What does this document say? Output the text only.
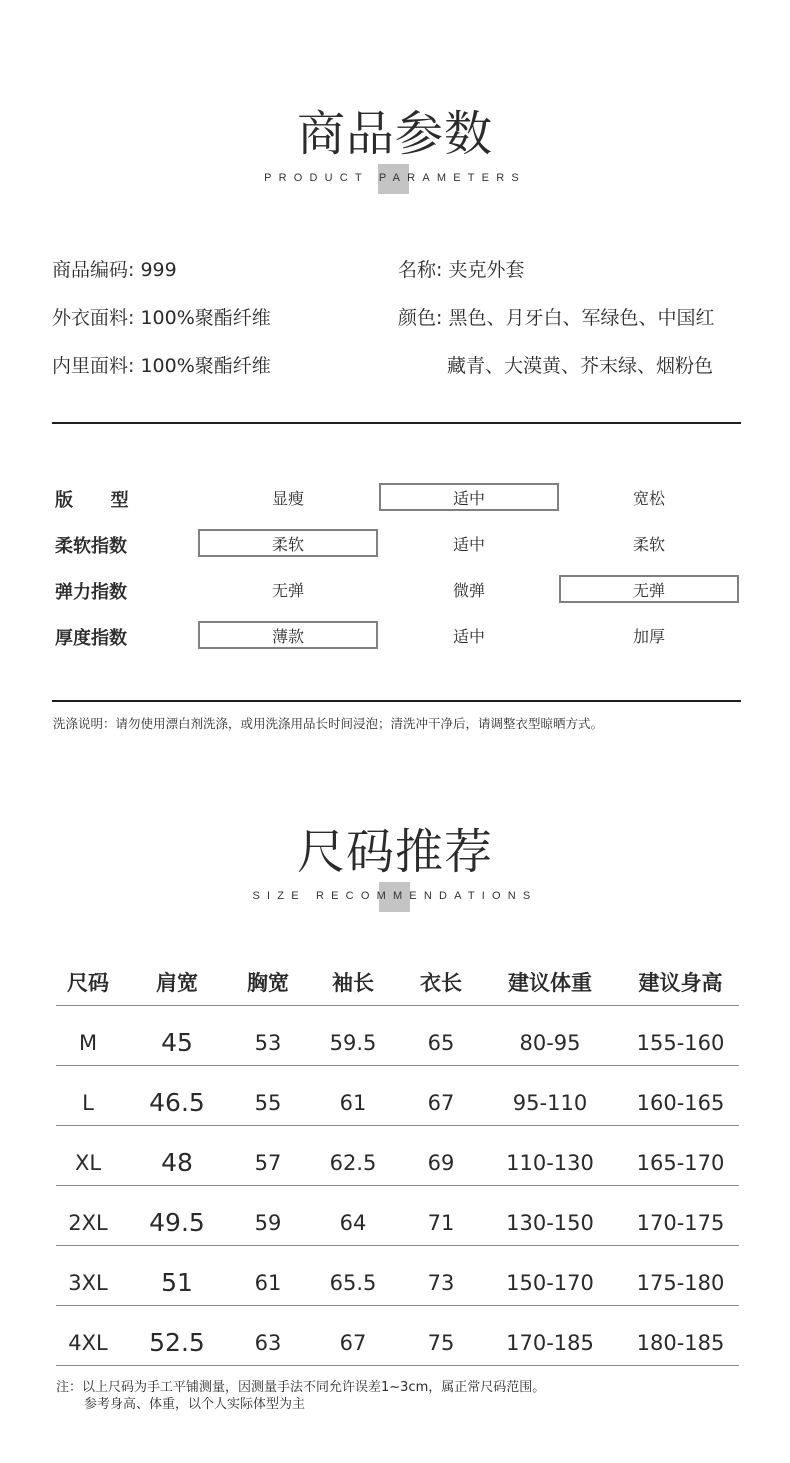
商品参数
PRODUCT PARAMETERS
商品编码: 999	名称: 夹克外套
外衣面料: 100%聚酯纤维	颜色: 黑色、月牙白、军绿色、中国红
内里面料: 100%聚酯纤维	藏青、大漠黄、芥末绿、烟粉色
版      型	显瘦	适中	宽松
柔软指数	柔软	适中	柔软
弹力指数	无弹	微弹	无弹
厚度指数	薄款	适中	加厚
洗涤说明：请勿使用漂白剂洗涤，或用洗涤用品长时间浸泡；清洗冲干净后，请调整衣型晾晒方式。
尺码推荐
SIZE RECOMMENDATIONS
尺码	肩宽	胸宽	袖长	衣长	建议体重	建议身高
M	45	53	59.5	65	80-95	155-160
L	46.5	55	61	67	95-110	160-165
XL	48	57	62.5	69	110-130	165-170
2XL	49.5	59	64	71	130-150	170-175
3XL	51	61	65.5	73	150-170	175-180
4XL	52.5	63	67	75	170-185	180-185
注：以上尺码为手工平铺测量，因测量手法不同允许误差1~3cm，属正常尺码范围。
参考身高、体重，以个人实际体型为主
